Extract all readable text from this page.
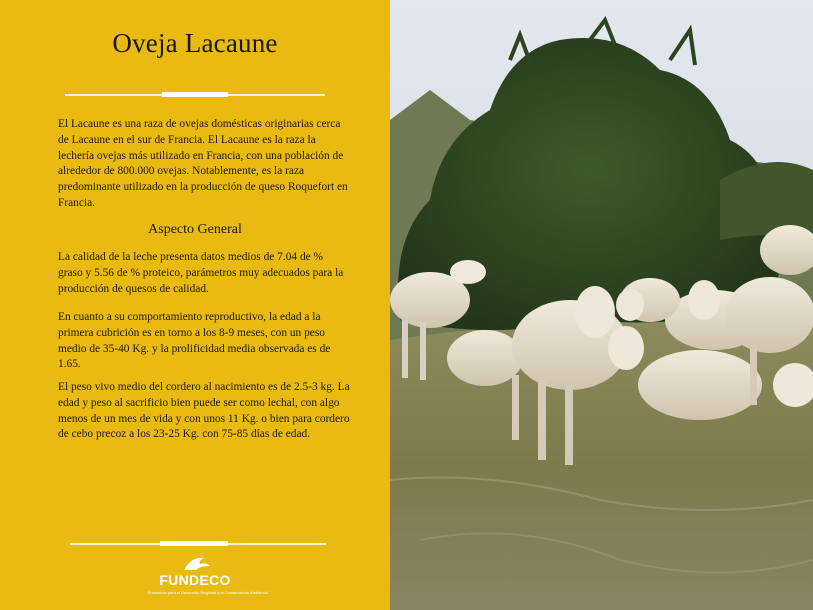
Oveja Lacaune
El Lacaune es una raza de ovejas domésticas originarias cerca de Lacaune en el sur de Francia. El Lacaune es la raza la lechería ovejas más utilizado en Francia, con una población de alrededor de 800.000 ovejas. Notablemente, es la raza predominante utilizado en la producción de queso Roquefort en Francia.
Aspecto General
La calidad de la leche presenta datos medios de 7.04 de % graso y 5.56 de % proteico, parámetros muy adecuados para la producción de quesos de calidad.
En cuanto a su comportamiento reproductivo, la edad a la primera cubrición es en torno a los 8-9 meses, con un peso medio de 35-40 Kg. y la prolificidad media observada es de 1.65.
El peso vivo medio del cordero al nacimiento es de 2.5-3 kg. La edad y peso al sacrificio bien puede ser como lechal, con algo menos de un mes de vida y con unos 11 Kg. o bien para cordero de cebo precoz a los 23-25 Kg. con 75-85 días de edad.
FUNDECO
Fundación para el Desarrollo Regional y la Conservación Ambiental
